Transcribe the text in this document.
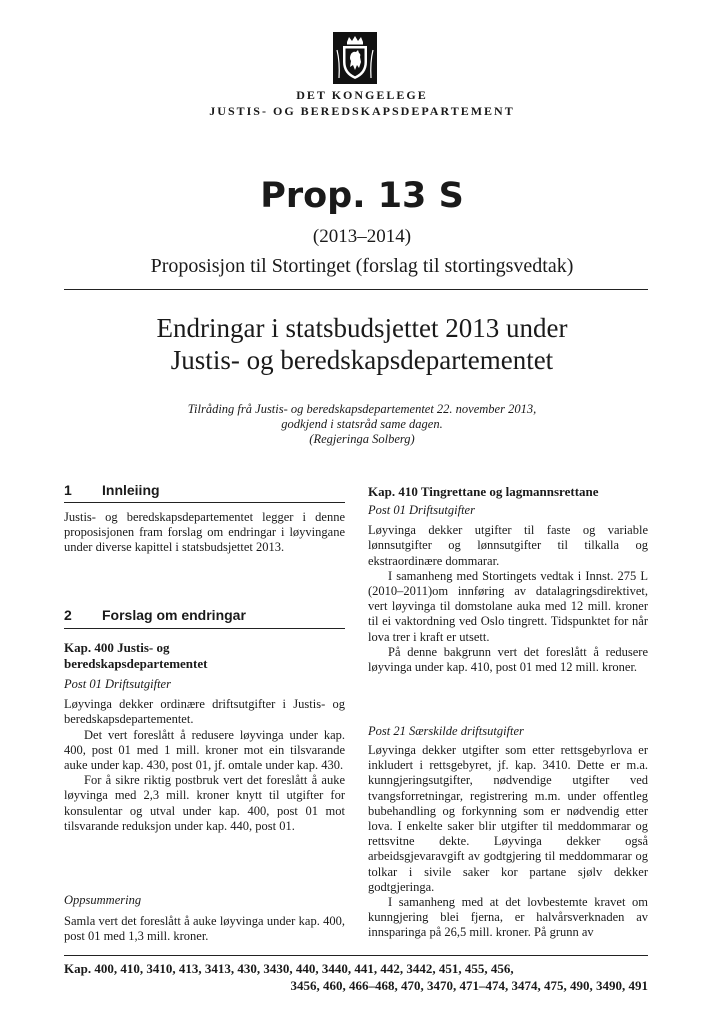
DET KONGELEGE
JUSTIS- OG BEREDSKAPSDEPARTEMENT
Prop. 13 S
(2013–2014)
Proposisjon til Stortinget (forslag til stortingsvedtak)
Endringar i statsbudsjettet 2013 under
Justis- og beredskapsdepartementet
Tilråding frå Justis- og beredskapsdepartementet 22. november 2013,
godkjend i statsråd same dagen.
(Regjeringa Solberg)
1 Innleiing
Justis- og beredskapsdepartementet legger i denne proposisjonen fram forslag om endringar i løyvingane under diverse kapittel i statsbudsjettet 2013.
2 Forslag om endringar

Kap. 400 Justis- og beredskapsdepartementet

Post 01 Driftsutgifter

Løyvinga dekker ordinære driftsutgifter i Justis- og beredskapsdepartementet.

Det vert foreslått å redusere løyvinga under kap. 400, post 01 med 1 mill. kroner mot ein tilsvarande auke under kap. 430, post 01, jf. omtale under kap. 430.

For å sikre riktig postbruk vert det foreslått å auke løyvinga med 2,3 mill. kroner knytt til utgifter for konsulentar og utval under kap. 400, post 01 mot tilsvarande reduksjon under kap. 440, post 01.

Oppsummering
Samla vert det foreslått å auke løyvinga under kap. 400, post 01 med 1,3 mill. kroner.

Kap. 410 Tingrettane og lagmannsrettane

Post 01 Driftsutgifter

Løyvinga dekker utgifter til faste og variable lønnsutgifter og lønnsutgifter til tilkalla og ekstraordinære dommarar.

I samanheng med Stortingets vedtak i Innst. 275 L (2010–2011)om innføring av datalagringsdirektivet, vert løyvinga til domstolane auka med 12 mill. kroner til ei vaktordning ved Oslo tingrett. Tidspunktet for når lova trer i kraft er utsett.

På denne bakgrunn vert det foreslått å redusere løyvinga under kap. 410, post 01 med 12 mill. kroner.

Post 21 Særskilde driftsutgifter

Løyvinga dekker utgifter som etter rettsgebyrlova er inkludert i rettsgebyret, jf. kap. 3410. Dette er m.a. kunngjeringsutgifter, nødvendige utgifter ved tvangsforretningar, registrering m.m. under offentleg bubehandling og forkynning som er nødvendig etter lova. I enkelte saker blir utgifter til meddommarar og rettsvitne dekte. Løyvinga dekker også arbeidsgjevaravgift av godtgjering til meddommarar og tolkar i sivile saker kor partane sjølv dekker godtgjeringa.

I samanheng med at det lovbestemte kravet om kunngjering blei fjerna, er halvårsverknaden av innsparinga på 26,5 mill. kroner. På grunn av

Kap. 400, 410, 3410, 413, 3413, 430, 3430, 440, 3440, 441, 442, 3442, 451, 455, 456,
3456, 460, 466–468, 470, 3470, 471–474, 3474, 475, 490, 3490, 491
